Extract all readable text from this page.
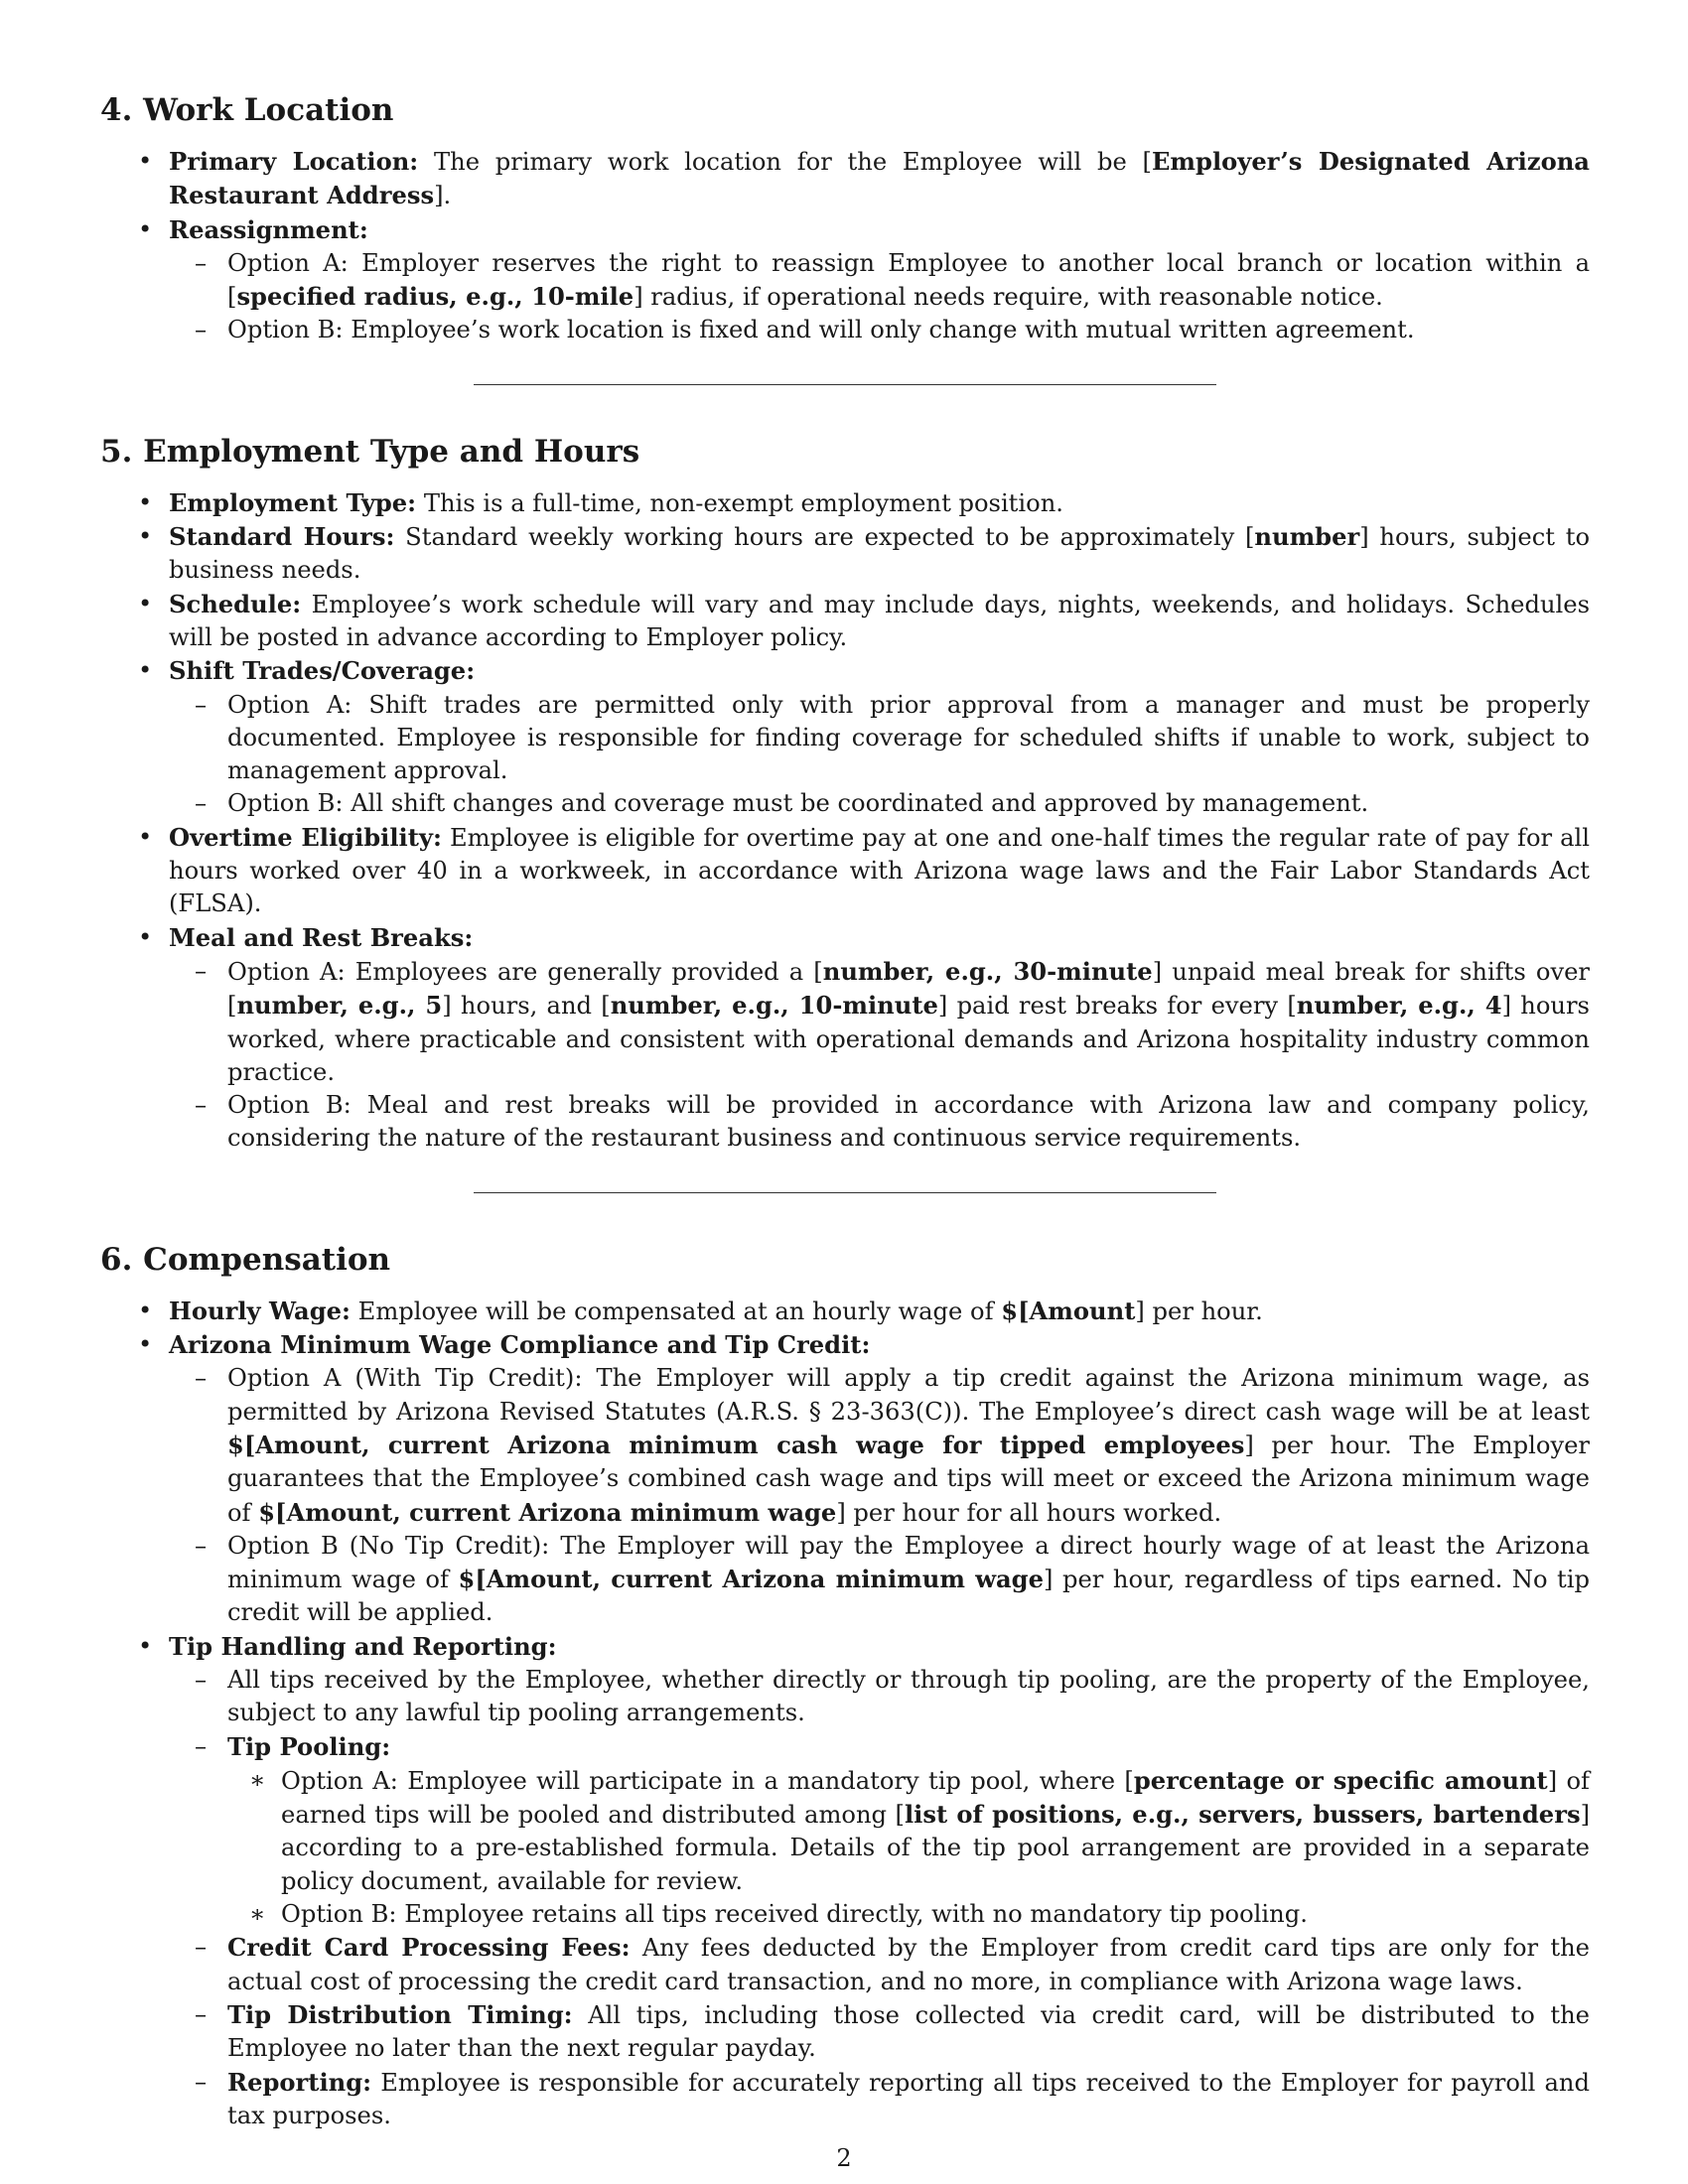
4. Work Location
• Primary Location: The primary work location for the Employee will be [Employer’s Designated Arizona Restaurant Address].
• Reassignment:
– Option A: Employer reserves the right to reassign Employee to another local branch or location within a [specified radius, e.g., 10-mile] radius, if operational needs require, with reasonable notice.
– Option B: Employee’s work location is fixed and will only change with mutual written agreement.
5. Employment Type and Hours
• Employment Type: This is a full-time, non-exempt employment position.
• Standard Hours: Standard weekly working hours are expected to be approximately [number] hours, subject to business needs.
• Schedule: Employee’s work schedule will vary and may include days, nights, weekends, and holidays. Schedules will be posted in advance according to Employer policy.
• Shift Trades/Coverage:
– Option A: Shift trades are permitted only with prior approval from a manager and must be properly documented. Employee is responsible for finding coverage for scheduled shifts if unable to work, subject to management approval.
– Option B: All shift changes and coverage must be coordinated and approved by management.
• Overtime Eligibility: Employee is eligible for overtime pay at one and one-half times the regular rate of pay for all hours worked over 40 in a workweek, in accordance with Arizona wage laws and the Fair Labor Standards Act (FLSA).
• Meal and Rest Breaks:
– Option A: Employees are generally provided a [number, e.g., 30-minute] unpaid meal break for shifts over [number, e.g., 5] hours, and [number, e.g., 10-minute] paid rest breaks for every [number, e.g., 4] hours worked, where practicable and consistent with operational demands and Arizona hospitality industry common practice.
– Option B: Meal and rest breaks will be provided in accordance with Arizona law and company policy, considering the nature of the restaurant business and continuous service requirements.
6. Compensation
• Hourly Wage: Employee will be compensated at an hourly wage of $[Amount] per hour.
• Arizona Minimum Wage Compliance and Tip Credit:
– Option A (With Tip Credit): The Employer will apply a tip credit against the Arizona minimum wage, as permitted by Arizona Revised Statutes (A.R.S. § 23-363(C)). The Employee’s direct cash wage will be at least $[Amount, current Arizona minimum cash wage for tipped employees] per hour. The Employer guarantees that the Employee’s combined cash wage and tips will meet or exceed the Arizona minimum wage of $[Amount, current Arizona minimum wage] per hour for all hours worked.
– Option B (No Tip Credit): The Employer will pay the Employee a direct hourly wage of at least the Arizona minimum wage of $[Amount, current Arizona minimum wage] per hour, regardless of tips earned. No tip credit will be applied.
• Tip Handling and Reporting:
– All tips received by the Employee, whether directly or through tip pooling, are the property of the Employee, subject to any lawful tip pooling arrangements.
– Tip Pooling:
∗ Option A: Employee will participate in a mandatory tip pool, where [percentage or specific amount] of earned tips will be pooled and distributed among [list of positions, e.g., servers, bussers, bartenders] according to a pre-established formula. Details of the tip pool arrangement are provided in a separate policy document, available for review.
∗ Option B: Employee retains all tips received directly, with no mandatory tip pooling.
– Credit Card Processing Fees: Any fees deducted by the Employer from credit card tips are only for the actual cost of processing the credit card transaction, and no more, in compliance with Arizona wage laws.
– Tip Distribution Timing: All tips, including those collected via credit card, will be distributed to the Employee no later than the next regular payday.
– Reporting: Employee is responsible for accurately reporting all tips received to the Employer for payroll and tax purposes.
2
